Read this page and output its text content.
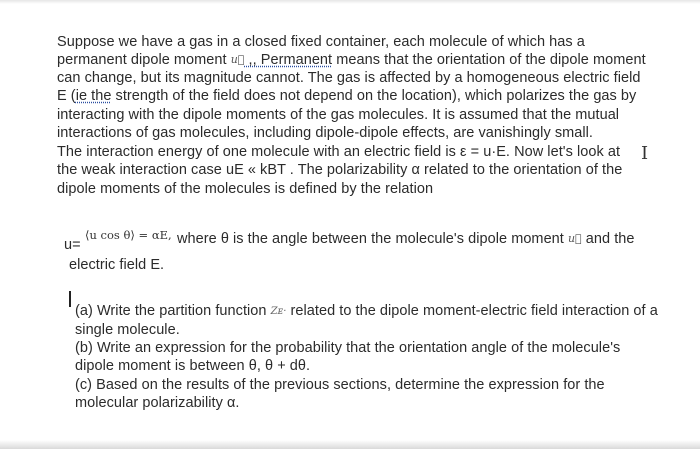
Suppose we have a gas in a closed fixed container, each molecule of which has a
permanent dipole moment u⃗ ,, Permanent means that the orientation of the dipole moment
can change, but its magnitude cannot. The gas is affected by a homogeneous electric field
E (ie the strength of the field does not depend on the location), which polarizes the gas by
interacting with the dipole moments of the gas molecules. It is assumed that the mutual
interactions of gas molecules, including dipole-dipole effects, are vanishingly small.
The interaction energy of one molecule with an electric field is ε = u·E. Now let's look at
the weak interaction case uE « kBT . The polarizability α related to the orientation of the
dipole moments of the molecules is defined by the relation
⟨u cos θ⟩ = αE,
u=	where θ is the angle between the molecule's dipole moment u⃗ and the
electric field E.
(a) Write the partition function Zᴇ· related to the dipole moment-electric field interaction of a
single molecule.
(b) Write an expression for the probability that the orientation angle of the molecule's
dipole moment is between θ, θ + dθ.
(c) Based on the results of the previous sections, determine the expression for the
molecular polarizability α.
I
